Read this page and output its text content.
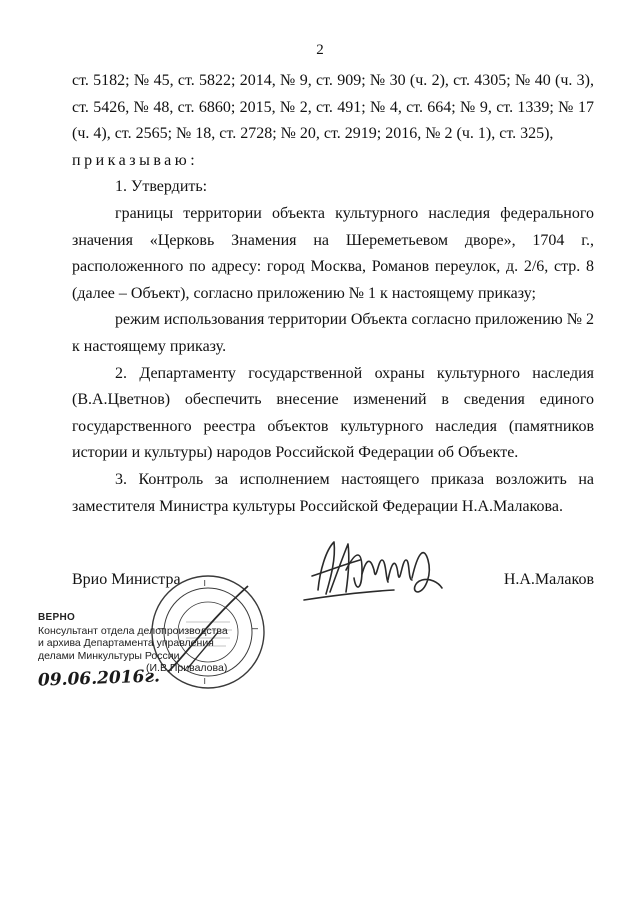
2

ст. 5182; № 45, ст. 5822; 2014, № 9, ст. 909; № 30 (ч. 2), ст. 4305; № 40 (ч. 3), ст. 5426, № 48, ст. 6860; 2015, № 2, ст. 491; № 4, ст. 664; № 9, ст. 1339; № 17 (ч. 4), ст. 2565; № 18, ст. 2728; № 20, ст. 2919; 2016, № 2 (ч. 1), ст. 325),

приказываю:

1. Утвердить:

границы территории объекта культурного наследия федерального значения «Церковь Знамения на Шереметьевом дворе», 1704 г., расположенного по адресу: город Москва, Романов переулок, д. 2/6, стр. 8 (далее – Объект), согласно приложению № 1 к настоящему приказу;

режим использования территории Объекта согласно приложению № 2 к настоящему приказу.

2. Департаменту государственной охраны культурного наследия (В.А.Цветнов) обеспечить внесение изменений в сведения единого государственного реестра объектов культурного наследия (памятников истории и культуры) народов Российской Федерации об Объекте.

3. Контроль за исполнением настоящего приказа возложить на заместителя Министра культуры Российской Федерации Н.А.Малакова.

Врио Министра	Н.А.Малаков
ВЕРНО
Консультант отдела делопроизводства
и архива Департамента управления
делами Минкультуры России
(И.В.Привалова)
09.06.2016г.
